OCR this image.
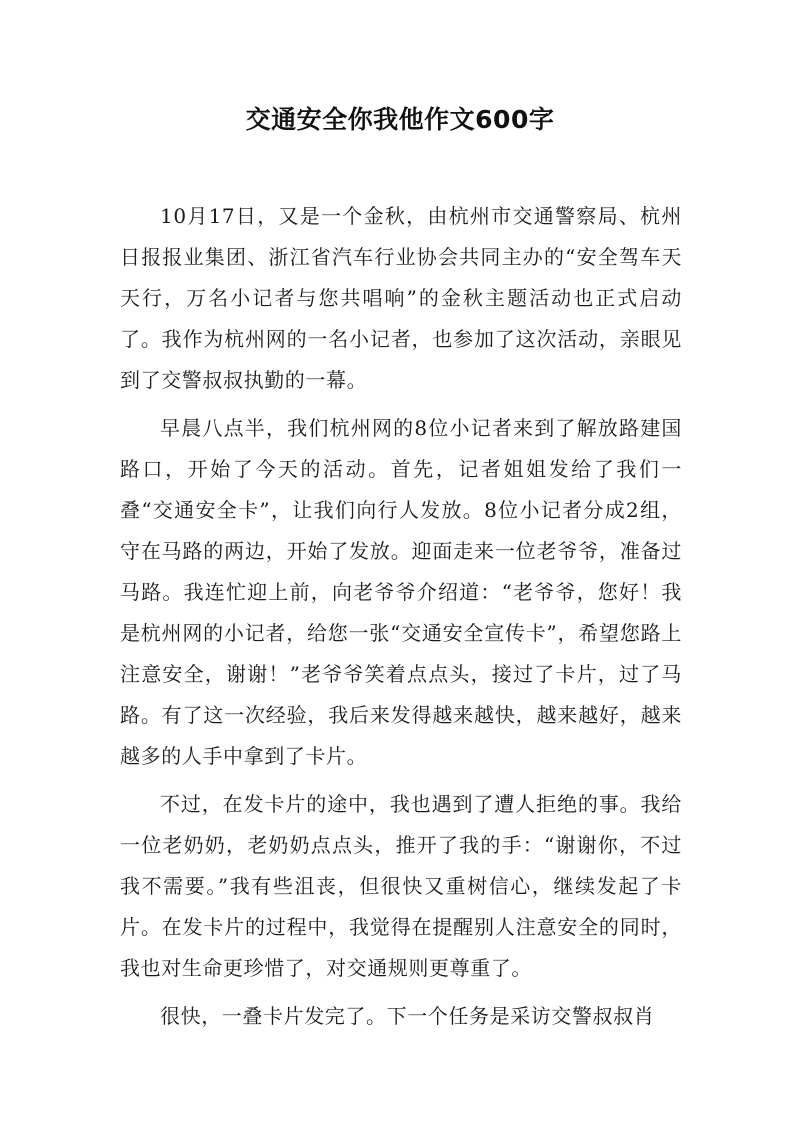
交通安全你我他作文600字

10月17日，又是一个金秋，由杭州市交通警察局、杭州日报报业集团、浙江省汽车行业协会共同主办的“安全驾车天天行，万名小记者与您共唱响”的金秋主题活动也正式启动了。我作为杭州网的一名小记者，也参加了这次活动，亲眼见到了交警叔叔执勤的一幕。

早晨八点半，我们杭州网的8位小记者来到了解放路建国路口，开始了今天的活动。首先，记者姐姐发给了我们一叠“交通安全卡”，让我们向行人发放。8位小记者分成2组，守在马路的两边，开始了发放。迎面走来一位老爷爷，准备过马路。我连忙迎上前，向老爷爷介绍道：“老爷爷，您好！我是杭州网的小记者，给您一张“交通安全宣传卡”，希望您路上注意安全，谢谢！”老爷爷笑着点点头，接过了卡片，过了马路。有了这一次经验，我后来发得越来越快，越来越好，越来越多的人手中拿到了卡片。

不过，在发卡片的途中，我也遇到了遭人拒绝的事。我给一位老奶奶，老奶奶点点头，推开了我的手：“谢谢你，不过我不需要。”我有些沮丧，但很快又重树信心，继续发起了卡片。在发卡片的过程中，我觉得在提醒别人注意安全的同时，我也对生命更珍惜了，对交通规则更尊重了。

很快，一叠卡片发完了。下一个任务是采访交警叔叔肖
